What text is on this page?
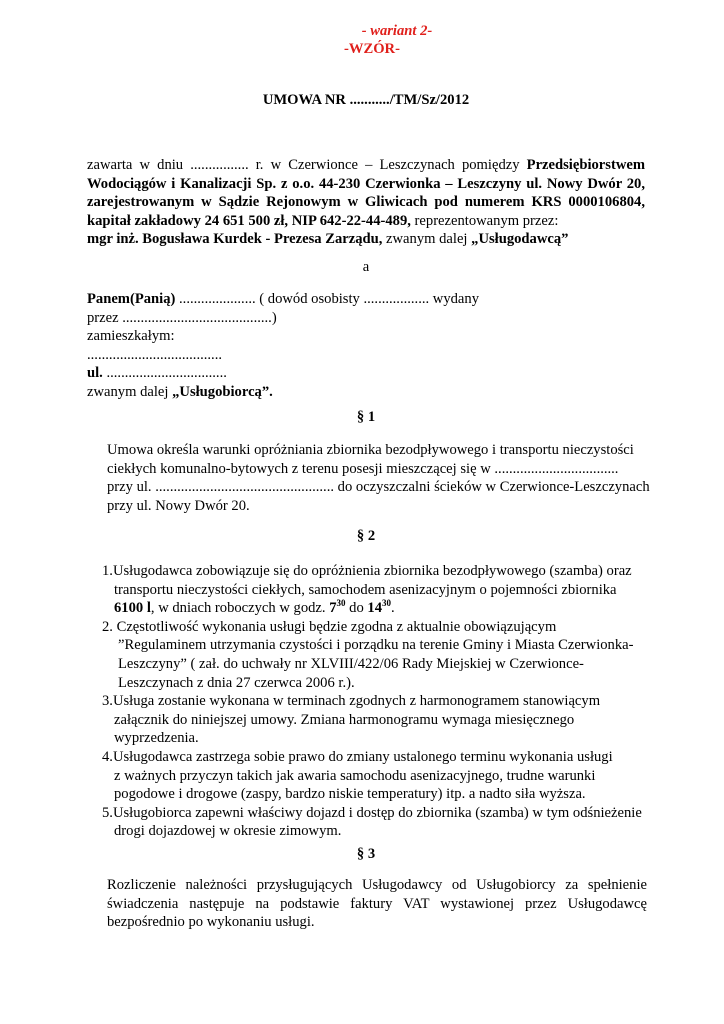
- wariant 2-
-WZÓR-
UMOWA NR .........../TM/Sz/2012
zawarta w dniu ................ r. w Czerwionce – Leszczynach pomiędzy Przedsiębiorstwem
Wodociągów i Kanalizacji Sp. z o.o. 44-230 Czerwionka – Leszczyny ul. Nowy Dwór 20,
zarejestrowanym w Sądzie Rejonowym w Gliwicach pod numerem KRS 0000106804,
kapitał zakładowy 24 651 500 zł, NIP 642-22-44-489, reprezentowanym przez:
mgr inż. Bogusława Kurdek - Prezesa Zarządu, zwanym dalej „Usługodawcą”
a
Panem(Panią) ..................... ( dowód osobisty .................. wydany
przez .........................................)
zamieszkałym:
.....................................
ul. .................................
zwanym dalej „Usługobiorcą”.
§ 1
Umowa określa warunki opróżniania zbiornika bezodpływowego i transportu nieczystości
ciekłych komunalno-bytowych z terenu posesji mieszczącej się w ..................................
przy ul. ................................................. do oczyszczalni ścieków w Czerwionce-Leszczynach
przy ul. Nowy Dwór 20.
§ 2
1.Usługodawca zobowiązuje się do opróżnienia zbiornika bezodpływowego (szamba) oraz
transportu nieczystości ciekłych, samochodem asenizacyjnym o pojemności zbiornika
6100 l, w dniach roboczych w godz. $7^{30}$ do $14^{30}$.
2. Częstotliwość wykonania usługi będzie zgodna z aktualnie obowiązującym
”Regulaminem utrzymania czystości i porządku na terenie Gminy i Miasta Czerwionka-
Leszczyny” ( zał. do uchwały nr XLVIII/422/06 Rady Miejskiej w Czerwionce-
Leszczynach z dnia 27 czerwca 2006 r.).
3.Usługa zostanie wykonana w terminach zgodnych z harmonogramem stanowiącym
załącznik do niniejszej umowy. Zmiana harmonogramu wymaga miesięcznego
wyprzedzenia.
4.Usługodawca zastrzega sobie prawo do zmiany ustalonego terminu wykonania usługi
z ważnych przyczyn takich jak awaria samochodu asenizacyjnego, trudne warunki
pogodowe i drogowe (zaspy, bardzo niskie temperatury) itp. a nadto siła wyższa.
5.Usługobiorca zapewni właściwy dojazd i dostęp do zbiornika (szamba) w tym odśnieżenie
drogi dojazdowej w okresie zimowym.
§ 3
Rozliczenie należności przysługujących Usługodawcy od Usługobiorcy za spełnienie
świadczenia następuje na podstawie faktury VAT wystawionej przez Usługodawcę
bezpośrednio po wykonaniu usługi.
